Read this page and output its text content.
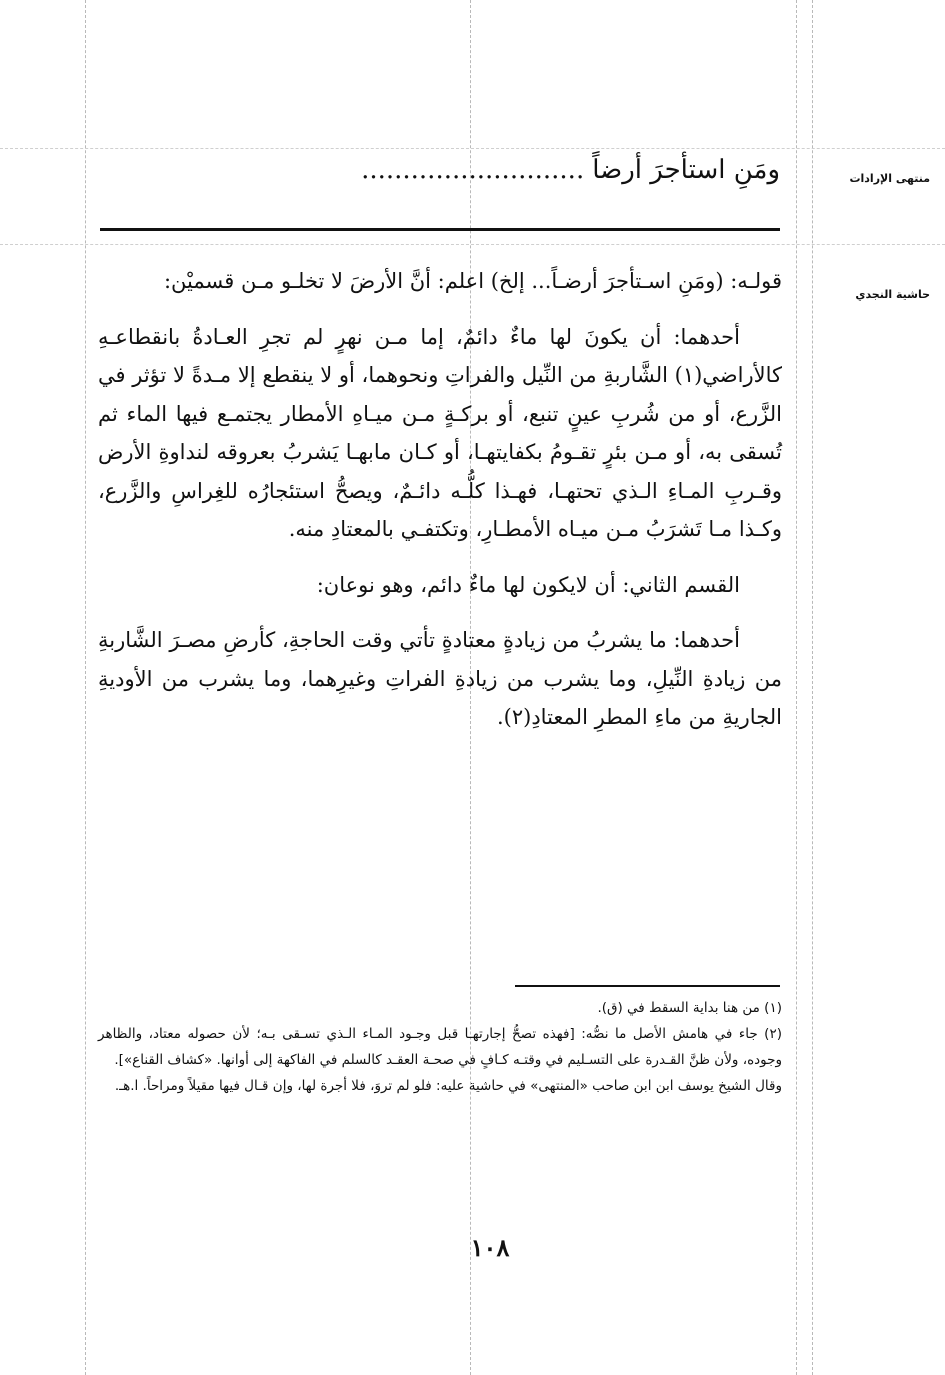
منتهى الإرادات
حاشية النجدي
ومَنِ استأجرَ أرضاً...........................

قولـه: (ومَنِ اسـتأجرَ أرضـاً... إلخ) اعلم: أنَّ الأرضَ لا تخلـو مـن قسميْن:

أحدهما: أن يكونَ لها ماءٌ دائمٌ، إما مـن نهرٍ لم تجرِ العـادةُ بانقطاعـهِ كالأراضي(١) الشَّاربةِ من النِّيل والفراتِ ونحوهما، أو لا ينقطع إلا مـدةً لا تؤثر في الزَّرع، أو من شُربِ عينٍ تنبع، أو بركـةٍ مـن ميـاهِ الأمطار يجتمـع فيها الماء ثم تُسقى به، أو مـن بئرٍ تقـومُ بكفايتهـا، أو كـان مابهـا يَشربُ بعروقه لنداوةِ الأرض وقـربِ المـاءِ الـذي تحتهـا، فهـذا كلُّـه دائـمٌ، ويصحُّ استئجارُه للغِراسِ والزَّرع، وكـذا مـا تَشرَبُ مـن ميـاه الأمطـارِ، وتكتفـي بالمعتادِ منه.

القسم الثاني: أن لايكون لها ماءٌ دائم، وهو نوعان:

أحدهما: ما يشربُ من زيادةٍ معتادةٍ تأتي وقت الحاجةِ، كأرضِ مصـرَ الشَّاربةِ من زيادةِ النِّيلِ، وما يشرب من زيادةِ الفراتِ وغيرِهما، وما يشرب من الأوديةِ الجاريةِ من ماءِ المطرِ المعتادِ(٢).

(١) من هنا بداية السقط في (ق).

(٢) جاء في هامش الأصل ما نصُّه: [فهذه تصحُّ إجارتهـا قبل وجـود المـاء الـذي تسـقى بـه؛ لأن حصوله معتاد، والظاهر وجوده، ولأن ظنَّ القـدرة على التسـليم في وقتـه كـافٍ في صحـة العقـد كالسلم في الفاكهة إلى أوانها. «كشاف القناع»].

وقال الشيخ يوسف ابن ابن صاحب «المنتهى» في حاشية عليه: فلو لم تروَ، فلا أجرة لها، وإن قـال فيها مقيلاً ومراحاً. ا.هـ.

١٠٨
